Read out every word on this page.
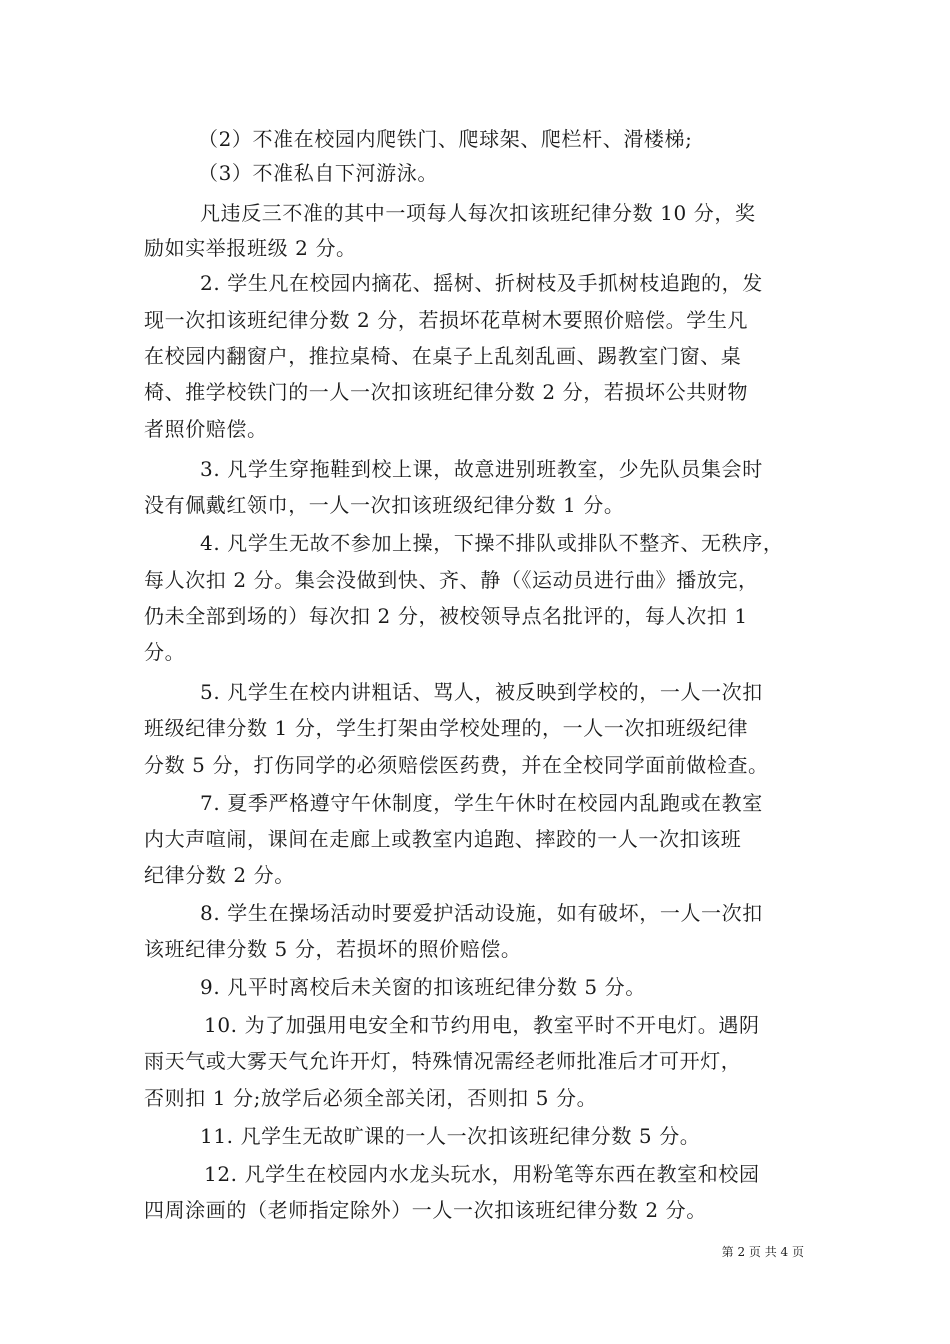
（2）不准在校园内爬铁门、爬球架、爬栏杆、滑楼梯;
（3）不准私自下河游泳。
凡违反三不准的其中一项每人每次扣该班纪律分数 10 分，奖
励如实举报班级 2 分。
2. 学生凡在校园内摘花、摇树、折树枝及手抓树枝追跑的，发
现一次扣该班纪律分数 2 分，若损坏花草树木要照价赔偿。学生凡
在校园内翻窗户，推拉桌椅、在桌子上乱刻乱画、踢教室门窗、桌
椅、推学校铁门的一人一次扣该班纪律分数 2 分，若损坏公共财物
者照价赔偿。
3. 凡学生穿拖鞋到校上课，故意进别班教室，少先队员集会时
没有佩戴红领巾，一人一次扣该班级纪律分数 1 分。
4. 凡学生无故不参加上操，下操不排队或排队不整齐、无秩序，
每人次扣 2 分。集会没做到快、齐、静（《运动员进行曲》播放完，
仍未全部到场的）每次扣 2 分，被校领导点名批评的，每人次扣 1
分。
5. 凡学生在校内讲粗话、骂人，被反映到学校的，一人一次扣
班级纪律分数 1 分，学生打架由学校处理的，一人一次扣班级纪律
分数 5 分，打伤同学的必须赔偿医药费，并在全校同学面前做检查。
7. 夏季严格遵守午休制度，学生午休时在校园内乱跑或在教室
内大声喧闹，课间在走廊上或教室内追跑、摔跤的一人一次扣该班
纪律分数 2 分。
8. 学生在操场活动时要爱护活动设施，如有破坏，一人一次扣
该班纪律分数 5 分，若损坏的照价赔偿。
9. 凡平时离校后未关窗的扣该班纪律分数 5 分。
10. 为了加强用电安全和节约用电，教室平时不开电灯。遇阴
雨天气或大雾天气允许开灯，特殊情况需经老师批准后才可开灯，
否则扣 1 分;放学后必须全部关闭，否则扣 5 分。
11. 凡学生无故旷课的一人一次扣该班纪律分数 5 分。
12. 凡学生在校园内水龙头玩水，用粉笔等东西在教室和校园
四周涂画的（老师指定除外）一人一次扣该班纪律分数 2 分。
第 2 页 共 4 页
